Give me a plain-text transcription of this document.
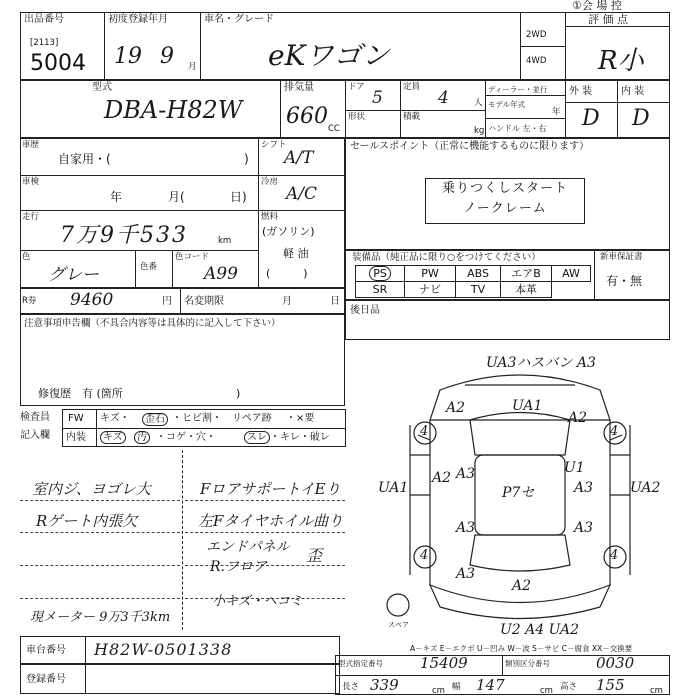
①会 場 控
出品番号
[2113]
5004
初度登録年月
19 9 月
車名・グレード
eKワゴン
2WD
4WD
評 価 点
R小
型式
DBA-H82W
排気量
660 CC
ドア
5
定員
4	人
形状	積載
kg
ディーラー・並行
モデル年式
年
ハンドル 左・右
外 装	内 装
D D
車歴
自家用・(	)
シフト
A/T
車検
年	月(	日)
冷房
A/C
走行
7万9千533	km
燃料
(ガソリン)
軽 油
(　　　)
色
グレー	色番
色コード
A99
R券 9460	円 名変期限	月	日
注意事項申告欄（不具合内容等は具体的に記入して下さい）
修復歴　有 (箇所	)
検査員
記入欄
FW キズ・	歪石 ・ヒビ割・ リペア跡 ・×要
内装	キズ	汚 ・コゲ・穴・	スレ ・キレ・破レ
室内ジ、ヨゴレ大
Rゲート内張欠
FロアサポートイEり
左Fタイヤホイル曲り
エンドパネル
R.フロア
歪
小キズ・ヘコミ
現メーター 9万3千3km
セールスポイント（正常に機能するものに限ります）
乗りつくしスタート
ノークレーム
装備品（純正品に限り○をつけてください）	新車保証書
有・無
PS	PW	ABS	エアB	AW
SR	ナビ	TV	本革
後日品
UA3ハスバン A3
A2	UA1
A2
A2 A3	U1
UA1	A3
P7セ	UA2
A3	A3
A3
A2
U2 A4 UA2
4	4
4	4
スペア
A－キズ E－エクボ U－凹み W－波 S－サビ C－腐食 XX－交換要
車台番号 H82W-0501338
登録番号
型式指定番号 15409	類別区分番号	0030
長さ 339	cm 幅 147	cm 高さ 155	cm
